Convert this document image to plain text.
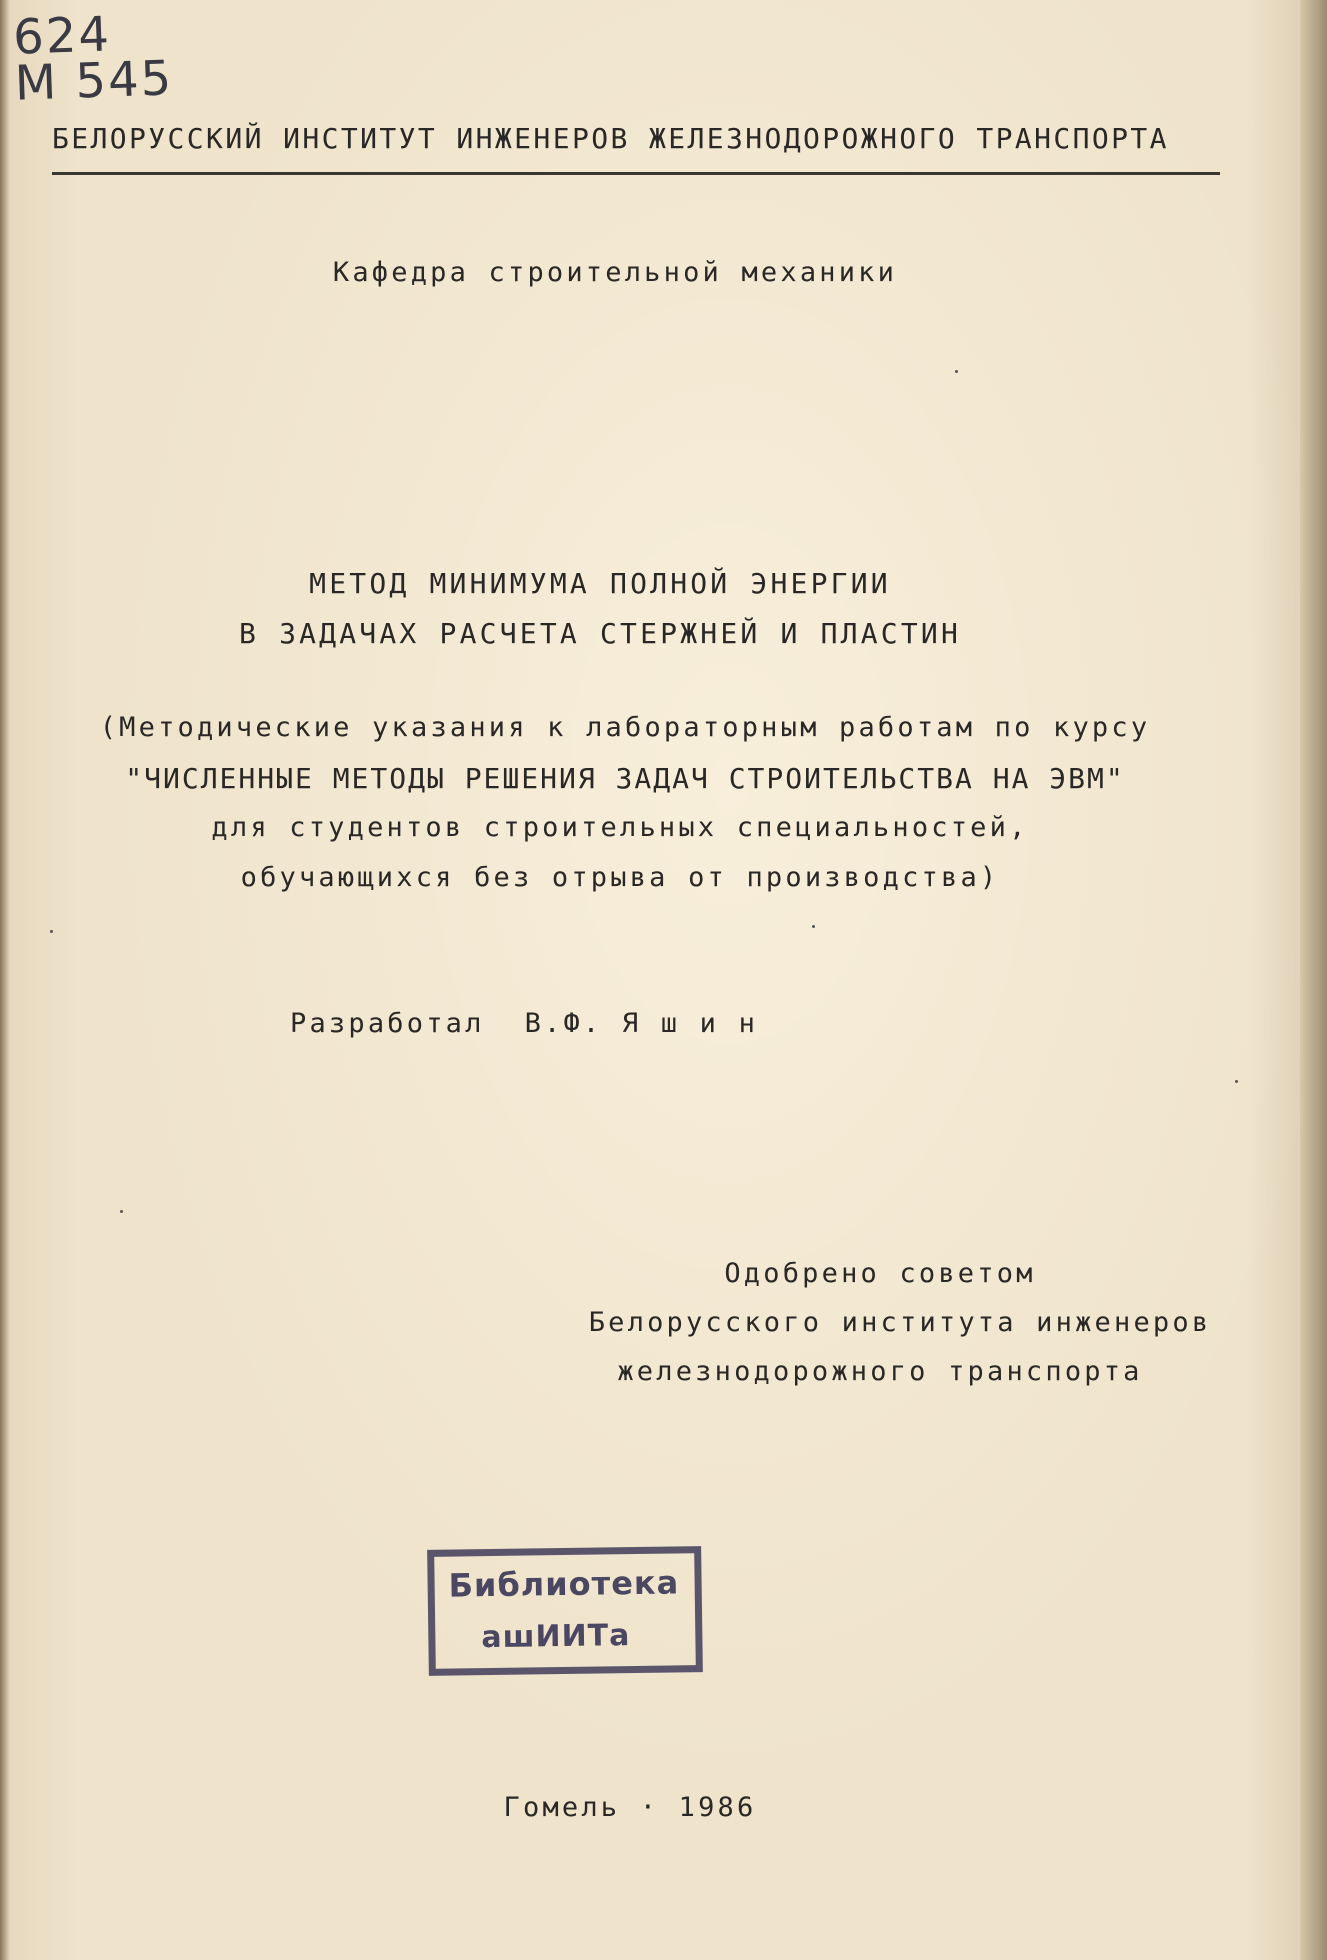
624
M 545
БЕЛОРУССКИЙ ИНСТИТУТ ИНЖЕНЕРОВ ЖЕЛЕЗНОДОРОЖНОГО ТРАНСПОРТА
Кафедра строительной механики
МЕТОД МИНИМУМА ПОЛНОЙ ЭНЕРГИИ
В ЗАДАЧАХ РАСЧЕТА СТЕРЖНЕЙ И ПЛАСТИН
(Методические указания к лабораторным работам по курсу
"ЧИСЛЕННЫЕ МЕТОДЫ РЕШЕНИЯ ЗАДАЧ СТРОИТЕЛЬСТВА НА ЭВМ"
для студентов строительных специальностей,
обучающихся без отрыва от производства)
Разработал В.Ф. Я ш и н
Одобрено советом
Белорусского института инженеров
железнодорожного транспорта
Библиотека
ашИИТа
Гомель · 1986
